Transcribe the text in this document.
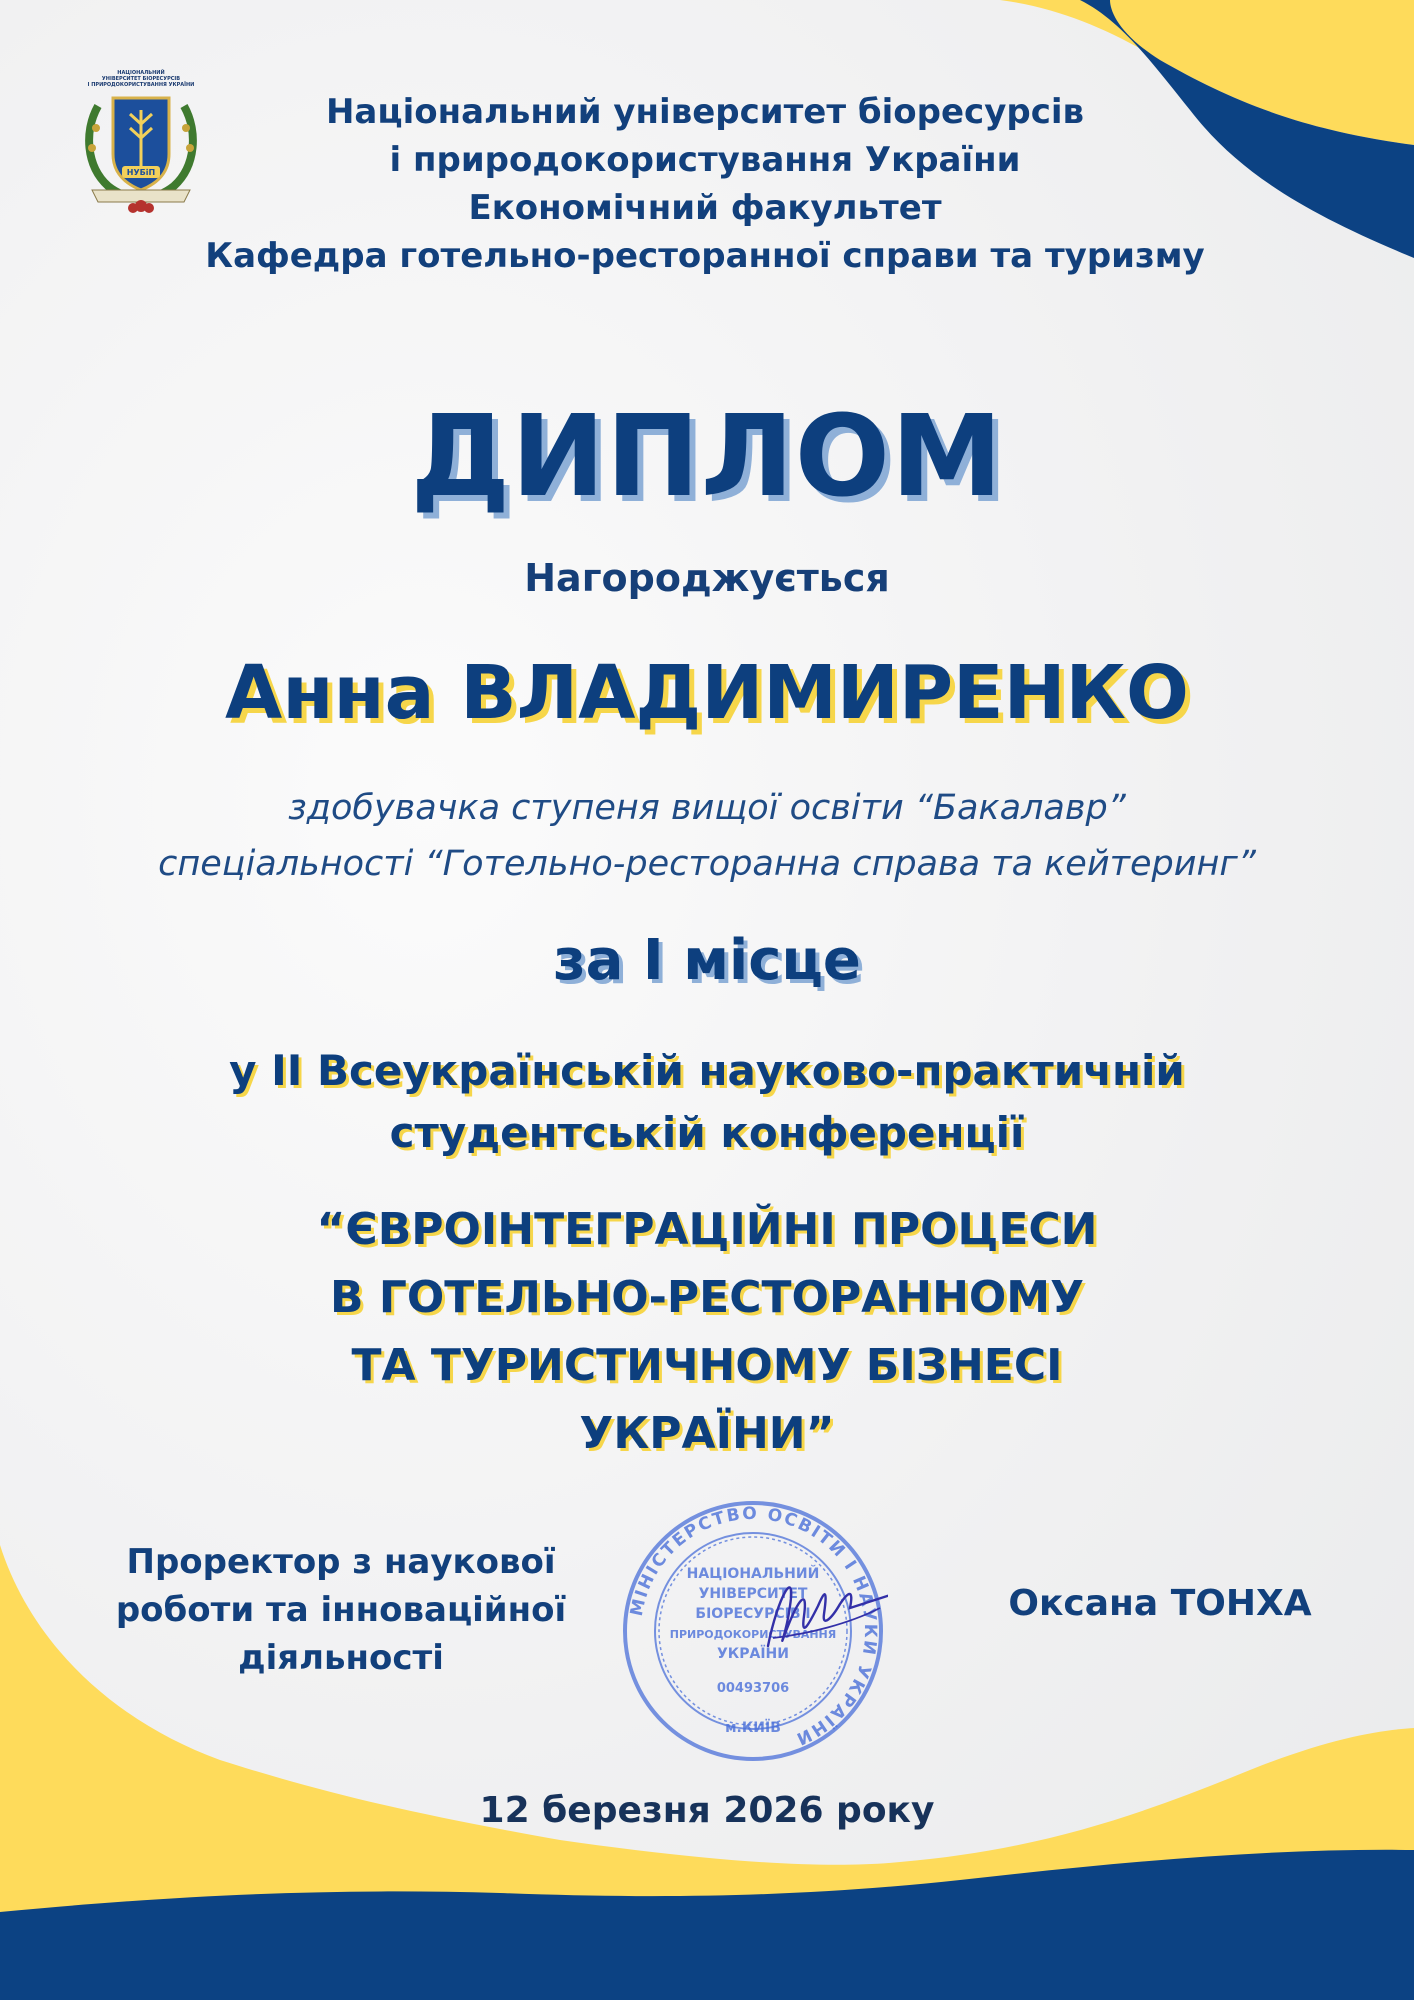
НАЦІОНАЛЬНИЙ
УНІВЕРСИТЕТ БІОРЕСУРСІВ
І ПРИРОДОКОРИСТУВАННЯ УКРАЇНИ
НУБіП
Національний університет біоресурсів
і природокористування України
Економічний факультет
Кафедра готельно-ресторанної справи та туризму
ДИПЛОМ
Нагороджується
Анна ВЛАДИМИРЕНКО
здобувачка ступеня вищої освіти “Бакалавр”
спеціальності “Готельно-ресторанна справа та кейтеринг”
за I місце
у II Всеукраїнській науково-практичній
студентській конференції
“ЄВРОІНТЕГРАЦІЙНІ ПРОЦЕСИ
В ГОТЕЛЬНО-РЕСТОРАННОМУ
ТА ТУРИСТИЧНОМУ БІЗНЕСІ
УКРАЇНИ”
Проректор з наукової
роботи та інноваційної
діяльності
МІНІСТЕРСТВО ОСВІТИ І НАУКИ УКРАЇНИ
НАЦІОНАЛЬНИЙ
УНІВЕРСИТЕТ
БІОРЕСУРСІВ І
ПРИРОДОКОРИСТУВАННЯ
УКРАЇНИ
00493706
м.КИЇВ
Оксана ТОНХА
12 березня 2026 року
